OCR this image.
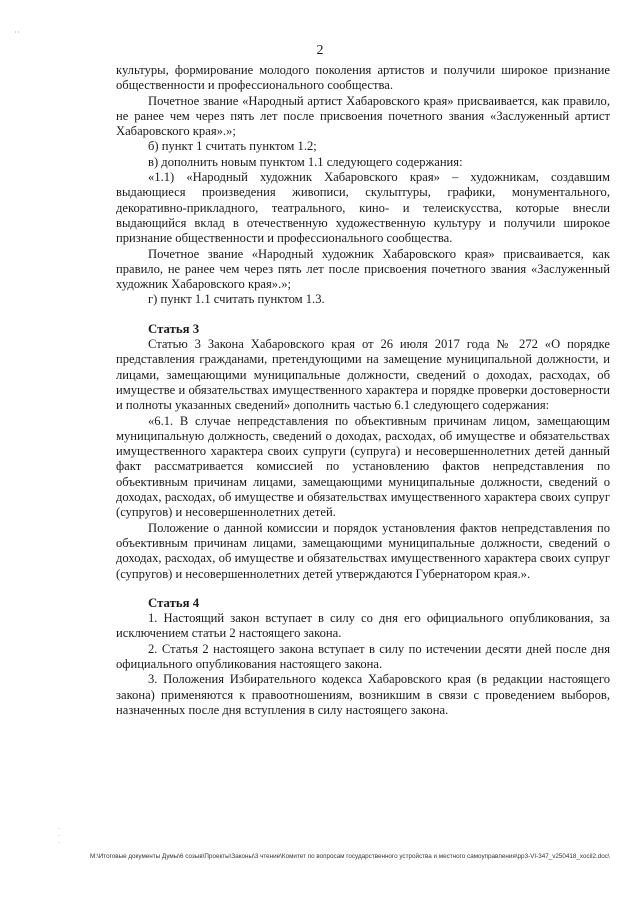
˙˙
2

культуры, формирование молодого поколения артистов и получили широкое признание общественности и профессионального сообщества.

Почетное звание «Народный артист Хабаровского края» присваивается, как правило, не ранее чем через пять лет после присвоения почетного звания «Заслуженный артист Хабаровского края».»;

б) пункт 1 считать пунктом 1.2;

в) дополнить новым пунктом 1.1 следующего содержания:

«1.1) «Народный художник Хабаровского края» – художникам, создавшим выдающиеся произведения живописи, скульптуры, графики, монументального, декоративно-прикладного, театрального, кино- и телеискусства, которые внесли выдающийся вклад в отечественную художественную культуру и получили широкое признание общественности и профессионального сообщества.

Почетное звание «Народный художник Хабаровского края» присваивается, как правило, не ранее чем через пять лет после присвоения почетного звания «Заслуженный художник Хабаровского края».»;

г) пункт 1.1 считать пунктом 1.3.

Статья 3

Статью 3 Закона Хабаровского края от 26 июля 2017 года № 272 «О порядке представления гражданами, претендующими на замещение муниципальной должности, и лицами, замещающими муниципальные должности, сведений о доходах, расходах, об имуществе и обязательствах имущественного характера и порядке проверки достоверности и полноты указанных сведений» дополнить частью 6.1 следующего содержания:

«6.1. В случае непредставления по объективным причинам лицом, замещающим муниципальную должность, сведений о доходах, расходах, об имуществе и обязательствах имущественного характера своих супруги (супруга) и несовершеннолетних детей данный факт рассматривается комиссией по установлению фактов непредставления по объективным причинам лицами, замещающими муниципальные должности, сведений о доходах, расходах, об имуществе и обязательствах имущественного характера своих супруг (супругов) и несовершеннолетних детей.

Положение о данной комиссии и порядок установления фактов непредставления по объективным причинам лицами, замещающими муниципальные должности, сведений о доходах, расходах, об имуществе и обязательствах имущественного характера своих супруг (супругов) и несовершеннолетних детей утверждаются Губернатором края.».

Статья 4

1. Настоящий закон вступает в силу со дня его официального опубликования, за исключением статьи 2 настоящего закона.

2. Статья 2 настоящего закона вступает в силу по истечении десяти дней после дня официального опубликования настоящего закона.

3. Положения Избирательного кодекса Хабаровского края (в редакции настоящего закона) применяются к правоотношениям, возникшим в связи с проведением выборов, назначенных после дня вступления в силу настоящего закона.

·
·
·
M:\Итоговые документы Думы\6 созыв\Проекты\Законы\3 чтение\Комитет по вопросам государственного устройства и местного самоуправления\pp3-VI-347_v250418_xocil2.doc\
